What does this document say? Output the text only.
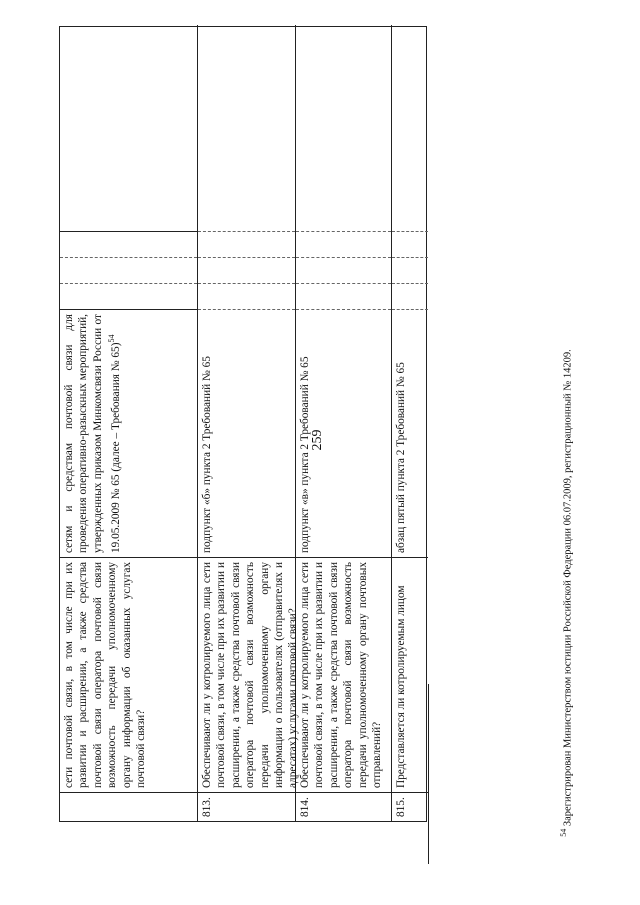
259
сети почтовой связи, в том числе при их развитии и расширении, а также средства почтовой связи оператора почтовой связи возможность передачи уполномоченному органу информации об оказанных услугах почтовой связи?
сетям и средствам почтовой связи для проведения оперативно-разыскных мероприятий, утвержденных приказом Минкомсвязи России от 19.05.2009 № 65 (далее – Требования № 65)$^{54}$
813.
Обеспечивают ли у котролируемого лица сети почтовой связи, в том числе при их развитии и расширении, а также средства почтовой связи оператора почтовой связи возможность передачи уполномоченному органу информации о пользователях (отправителях и адресатах) услугами почтовой связи?
подпункт «б» пункта 2 Требований № 65
814.
Обеспечивают ли у котролируемого лица сети почтовой связи, в том числе при их развитии и расширении, а также средства почтовой связи оператора почтовой связи возможность передачи уполномоченному органу почтовых отправлений?
подпункт «в» пункта 2 Требований № 65
815.
Представляется ли котролируемым лицом
абзац пятый пункта 2 Требований № 65
$^{54}$ Зарегистрирован Министерством юстиции Российской Федерации 06.07.2009, регистрационный № 14209.
